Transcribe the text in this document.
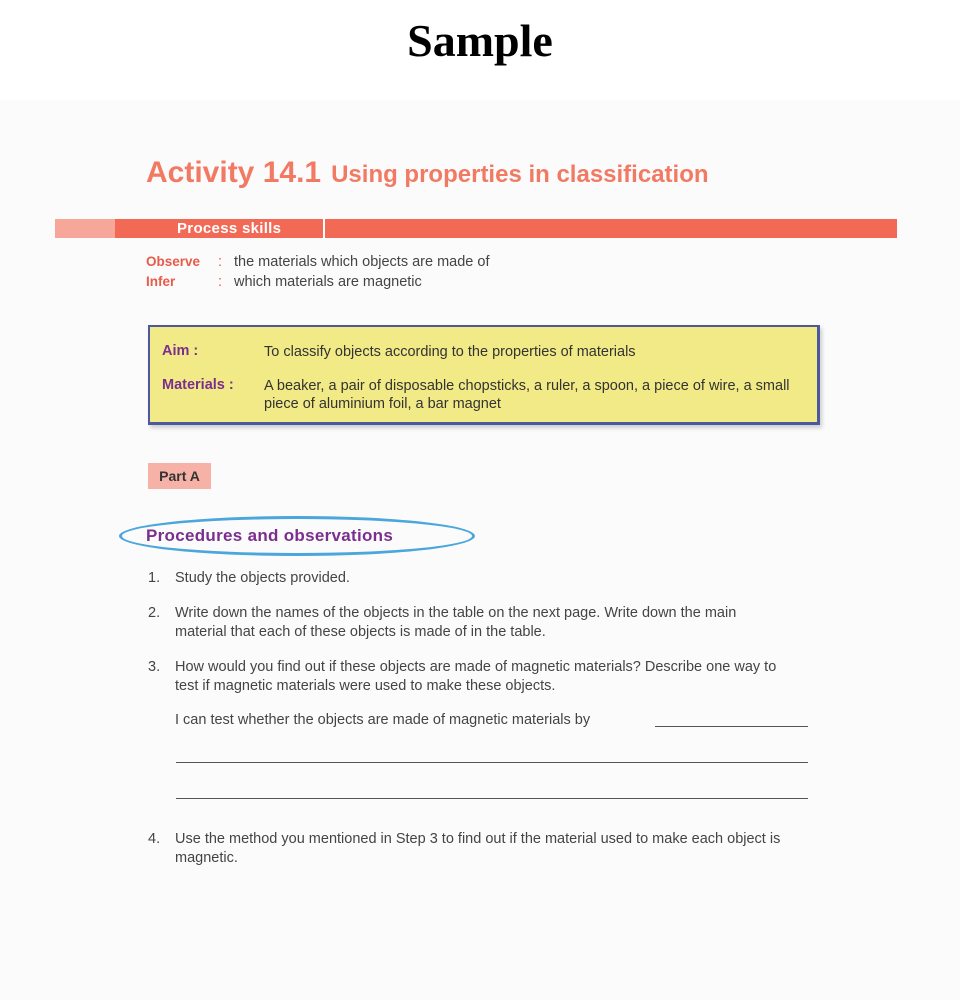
Sample
Activity 14.1 Using properties in classification
Process skills
Observe : the materials which objects are made of
Infer	: which materials are magnetic
Aim :	To classify objects according to the properties of materials
Materials : A beaker, a pair of disposable chopsticks, a ruler, a spoon, a piece of wire, a small piece of aluminium foil, a bar magnet
Part A
Procedures and observations
1. Study the objects provided.
2. Write down the names of the objects in the table on the next page. Write down the main material that each of these objects is made of in the table.
3. How would you find out if these objects are made of magnetic materials? Describe one way to test if magnetic materials were used to make these objects.
I can test whether the objects are made of magnetic materials by
4. Use the method you mentioned in Step 3 to find out if the material used to make each object is magnetic.
